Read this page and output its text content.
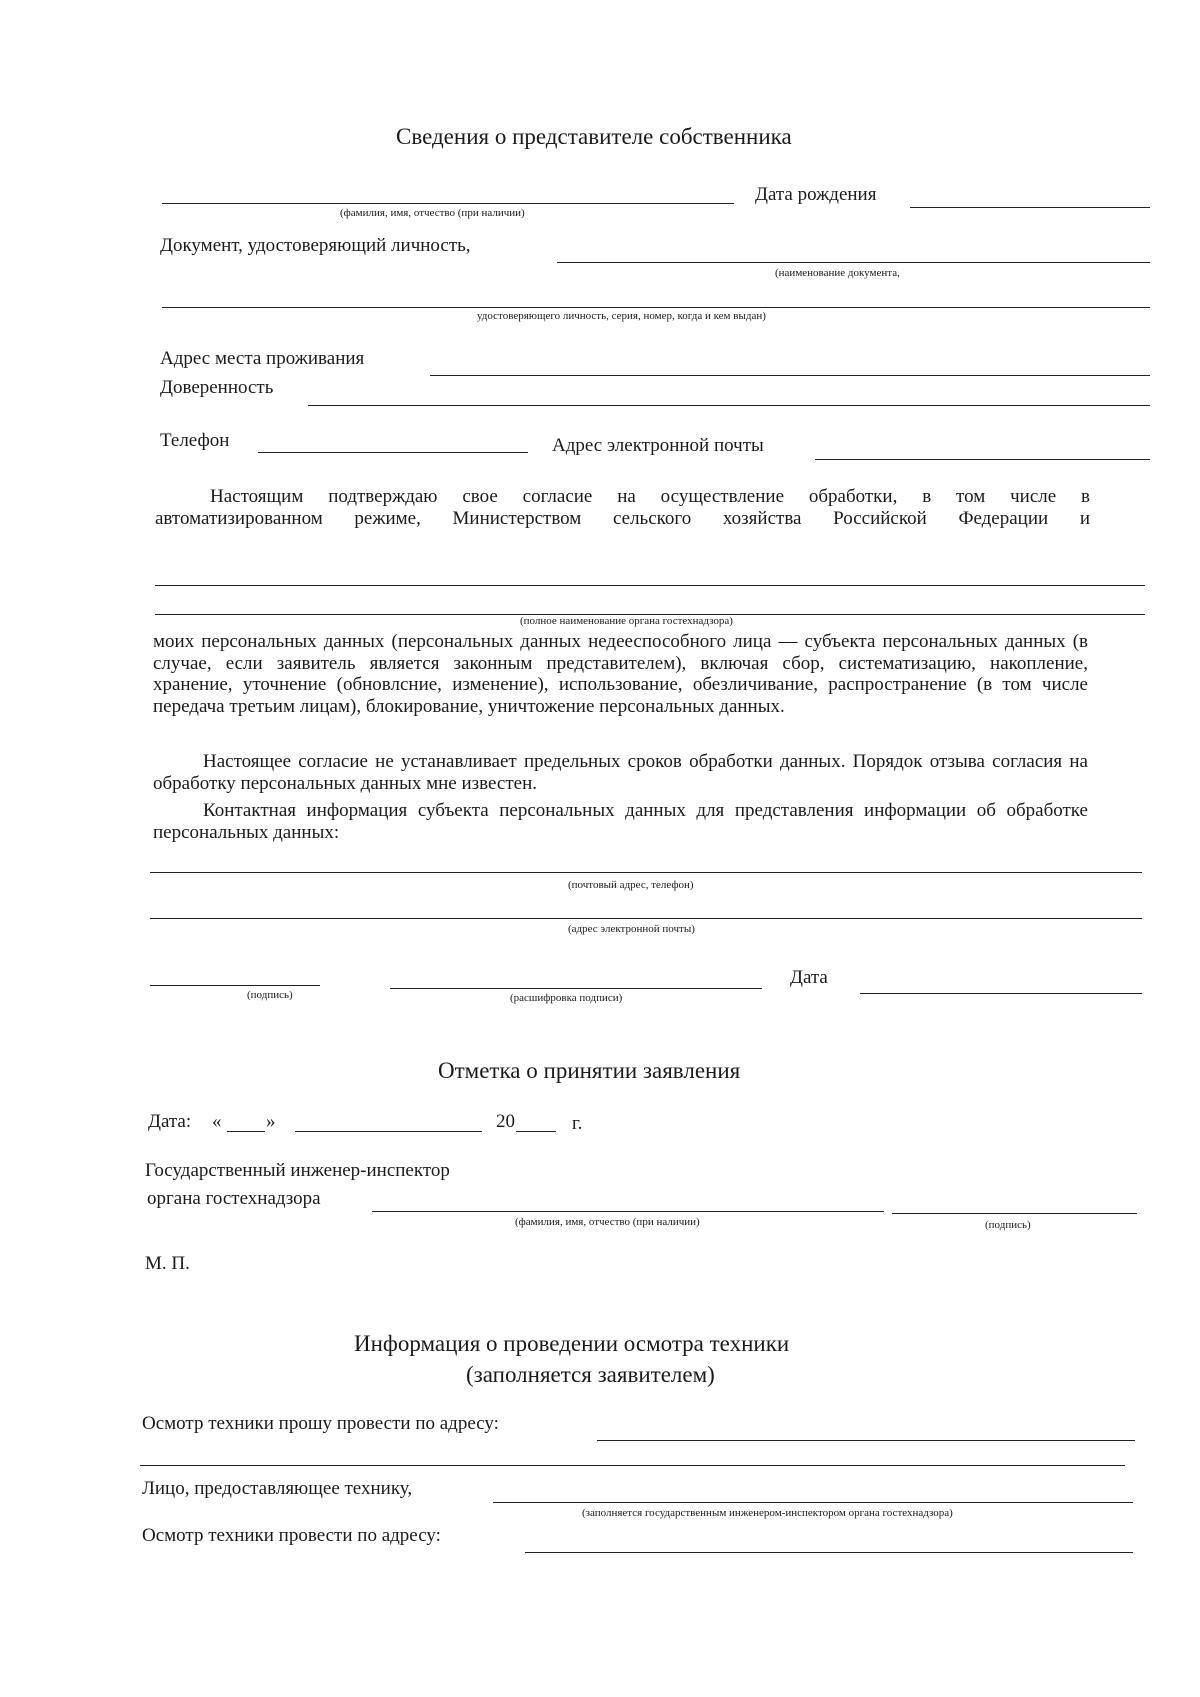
Сведения о представителе собственника
(фамилия, имя, отчество (при наличии)
Дата рождения
Документ, удостоверяющий личность,
(наименование документа,
удостоверяющего личность, серия, номер, когда и кем выдан)
Адрес места проживания
Доверенность
Телефон	Адрес электронной почты
Настоящим подтверждаю свое согласие на осуществление обработки, в том числе в
автоматизированном режиме, Министерством сельского хозяйства Российской Федерации и
(полное наименование органа гостехнадзора)
моих персональных данных (персональных данных недееспособного лица — субъекта персональных данных (в случае, если заявитель является законным представителем), включая сбор, систематизацию, накопление, хранение, уточнение (обновлсние, изменение), использование, обезличивание, распространение (в том числе передача третьим лицам), блокирование, уничтожение персональных данных.
Настоящее согласие не устанавливает предельных сроков обработки данных. Порядок отзыва согласия на обработку персональных данных мне известен.
Контактная информация субъекта персональных данных для представления информации об обработке персональных данных:
(почтовый адрес, телефон)
(адрес электронной почты)
(подпись)	(расшифровка подписи)
Дата
Отметка о принятии заявления
Дата: « »	20	г.
Государственный инженер-инспектор
органа гостехнадзора
(фамилия, имя, отчество (при наличии)	(подпись)
М. П.
Информация о проведении осмотра техники
(заполняется заявителем)
Осмотр техники прошу провести по адресу:
Лицо, предоставляющее технику,
(заполняется государственным инженером-инспектором органа гостехнадзора)
Осмотр техники провести по адресу:
